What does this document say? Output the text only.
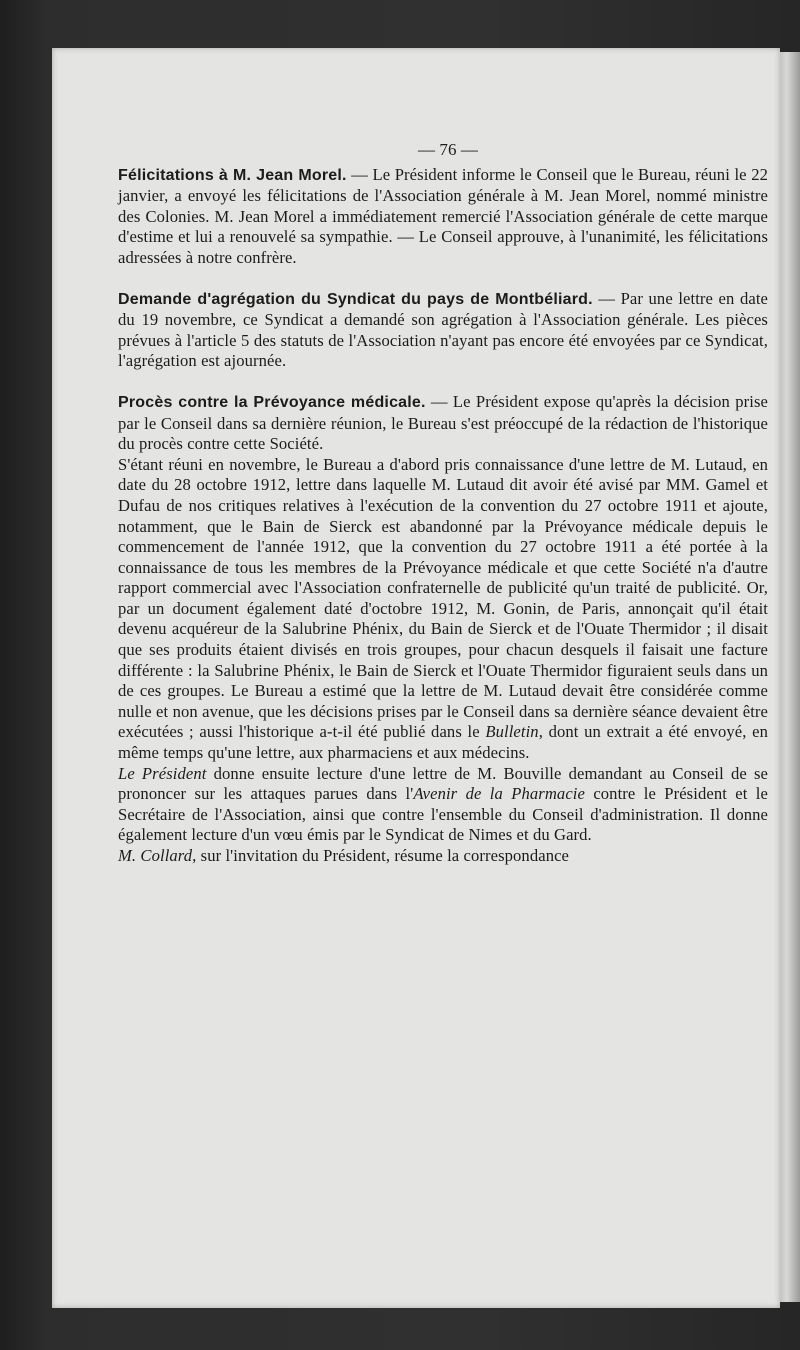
— 76 —

Félicitations à M. Jean Morel. — Le Président informe le Conseil que le Bureau, réuni le 22 janvier, a envoyé les félicitations de l'Association générale à M. Jean Morel, nommé ministre des Colonies. M. Jean Morel a immédiatement remercié l'Association générale de cette marque d'estime et lui a renouvelé sa sympathie. — Le Conseil approuve, à l'unanimité, les félicitations adressées à notre confrère.

Demande d'agrégation du Syndicat du pays de Montbéliard. — Par une lettre en date du 19 novembre, ce Syndicat a demandé son agrégation à l'Association générale. Les pièces prévues à l'article 5 des statuts de l'Association n'ayant pas encore été envoyées par ce Syndicat, l'agrégation est ajournée.

Procès contre la Prévoyance médicale. — Le Président expose qu'après la décision prise par le Conseil dans sa dernière réunion, le Bureau s'est préoccupé de la rédaction de l'historique du procès contre cette Société.

S'étant réuni en novembre, le Bureau a d'abord pris connaissance d'une lettre de M. Lutaud, en date du 28 octobre 1912, lettre dans laquelle M. Lutaud dit avoir été avisé par MM. Gamel et Dufau de nos critiques relatives à l'exécution de la convention du 27 octobre 1911 et ajoute, notamment, que le Bain de Sierck est abandonné par la Prévoyance médicale depuis le commencement de l'année 1912, que la convention du 27 octobre 1911 a été portée à la connaissance de tous les membres de la Prévoyance médicale et que cette Société n'a d'autre rapport commercial avec l'Association confraternelle de publicité qu'un traité de publicité. Or, par un document également daté d'octobre 1912, M. Gonin, de Paris, annonçait qu'il était devenu acquéreur de la Salubrine Phénix, du Bain de Sierck et de l'Ouate Thermidor ; il disait que ses produits étaient divisés en trois groupes, pour chacun desquels il faisait une facture différente : la Salubrine Phénix, le Bain de Sierck et l'Ouate Thermidor figuraient seuls dans un de ces groupes. Le Bureau a estimé que la lettre de M. Lutaud devait être considérée comme nulle et non avenue, que les décisions prises par le Conseil dans sa dernière séance devaient être exécutées ; aussi l'historique a-t-il été publié dans le Bulletin, dont un extrait a été envoyé, en même temps qu'une lettre, aux pharmaciens et aux médecins.

Le Président donne ensuite lecture d'une lettre de M. Bouville demandant au Conseil de se prononcer sur les attaques parues dans l'Avenir de la Pharmacie contre le Président et le Secrétaire de l'Association, ainsi que contre l'ensemble du Conseil d'administration. Il donne également lecture d'un vœu émis par le Syndicat de Nimes et du Gard.

M. Collard, sur l'invitation du Président, résume la correspondance
